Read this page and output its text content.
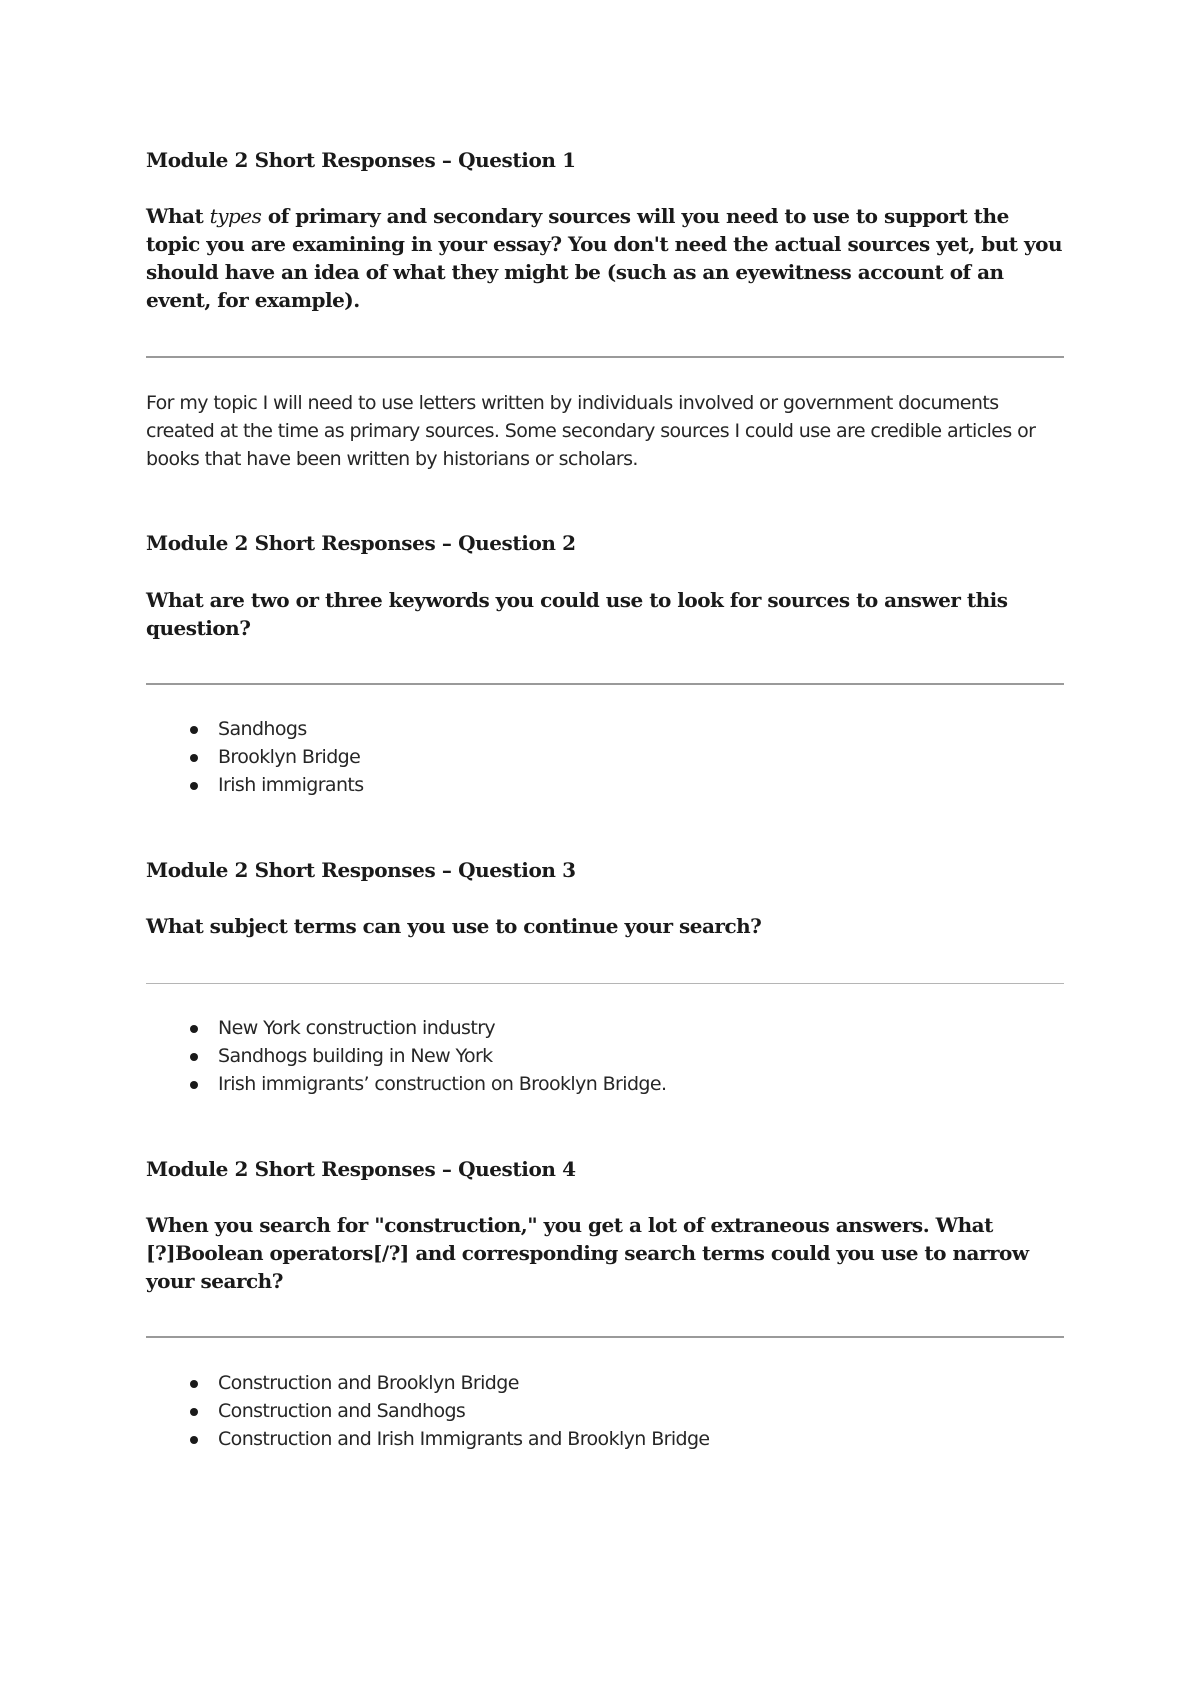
Module 2 Short Responses – Question 1
What types of primary and secondary sources will you need to use to support the topic you are examining in your essay? You don't need the actual sources yet, but you should have an idea of what they might be (such as an eyewitness account of an event, for example).
For my topic I will need to use letters written by individuals involved or government documents created at the time as primary sources. Some secondary sources I could use are credible articles or books that have been written by historians or scholars.
Module 2 Short Responses – Question 2
What are two or three keywords you could use to look for sources to answer this question?
Sandhogs
Brooklyn Bridge
Irish immigrants
Module 2 Short Responses – Question 3
What subject terms can you use to continue your search?
New York construction industry
Sandhogs building in New York
Irish immigrants’ construction on Brooklyn Bridge.
Module 2 Short Responses – Question 4
When you search for "construction," you get a lot of extraneous answers. What [?]Boolean operators[/?] and corresponding search terms could you use to narrow your search?
Construction and Brooklyn Bridge
Construction and Sandhogs
Construction and Irish Immigrants and Brooklyn Bridge
